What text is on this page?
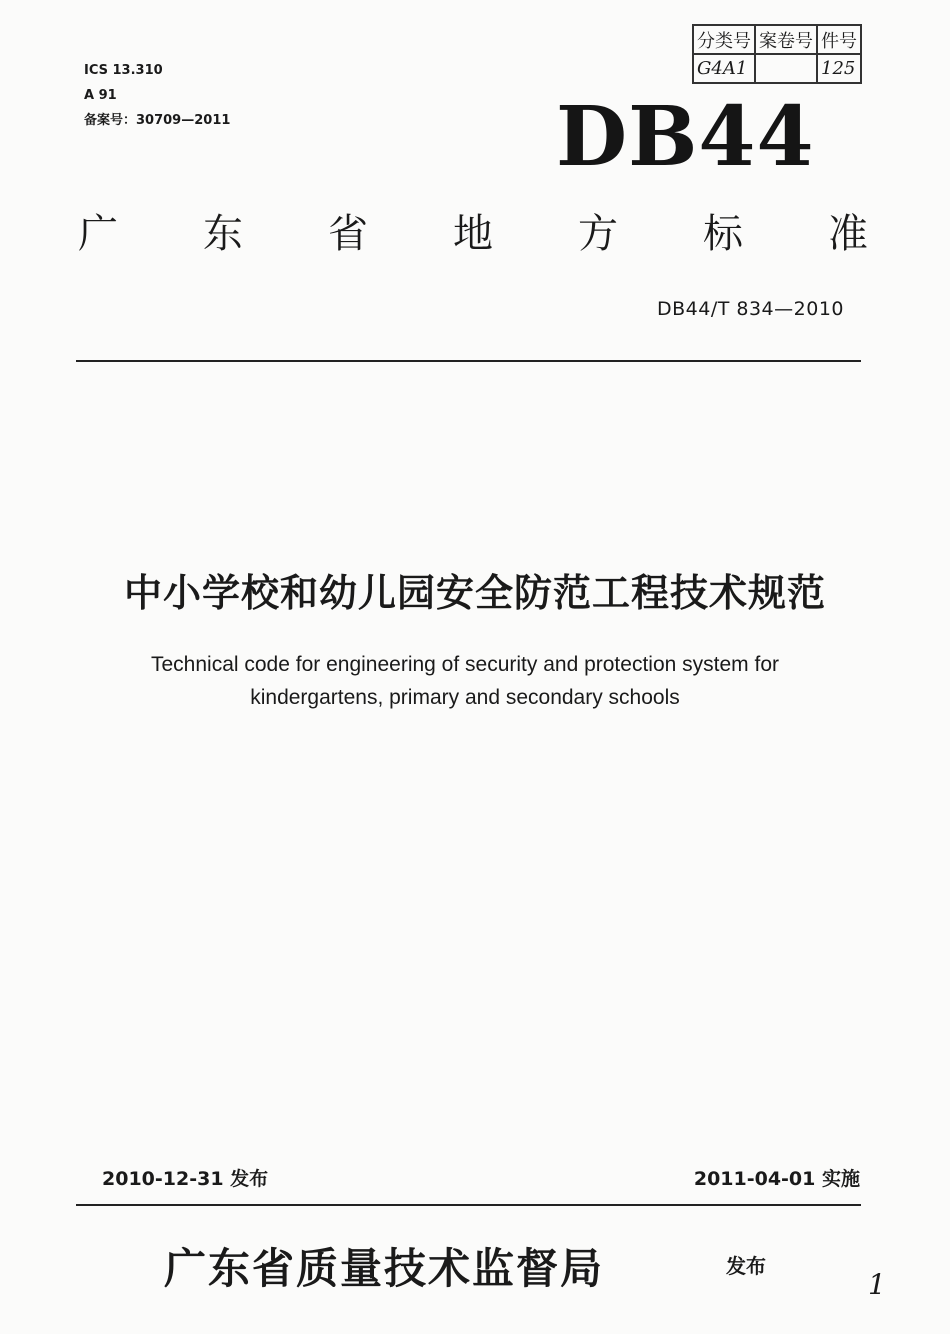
ICS 13.310
A 91
备案号：30709—2011
分类号	案卷号	件号
G4A1		125
DB44
广 东 省 地 方 标 准
DB44/T 834—2010
中小学校和幼儿园安全防范工程技术规范
Technical code for engineering of security and protection system for
kindergartens, primary and secondary schools
2010-12-31 发布	2011-04-01 实施
广东省质量技术监督局	发布
1
